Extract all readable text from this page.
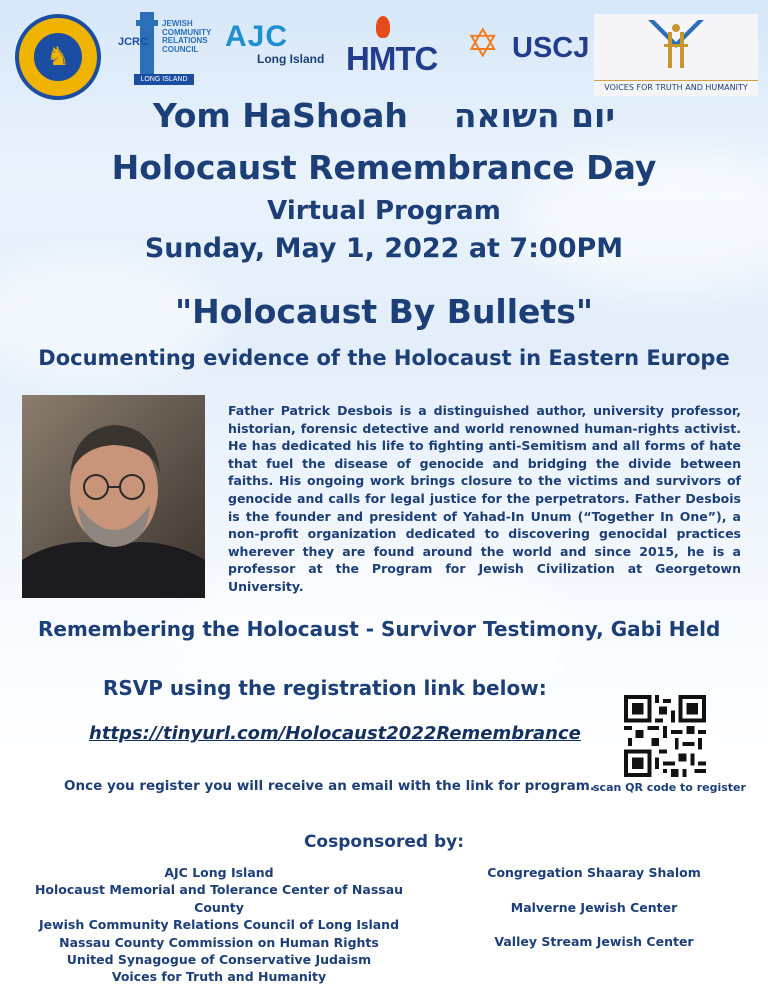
♞	JCRC
JEWISH
COMMUNITY
RELATIONS
COUNCIL
LONG ISLAND
AJC
Long Island HMTC ✡ USCJ
VOICES FOR TRUTH AND HUMANITY
Yom HaShoah יום השואה
Holocaust Remembrance Day
Virtual Program
Sunday, May 1, 2022 at 7:00PM
"Holocaust By Bullets"
Documenting evidence of the Holocaust in Eastern Europe
Father Patrick Desbois is a distinguished author, university professor, historian, forensic detective and world renowned human-rights activist. He has dedicated his life to fighting anti-Semitism and all forms of hate that fuel the disease of genocide and bridging the divide between faiths. His ongoing work brings closure to the victims and survivors of genocide and calls for legal justice for the perpetrators. Father Desbois is the founder and president of Yahad-In Unum (“Together In One”), a non-profit organization dedicated to discovering genocidal practices wherever they are found around the world and since 2015, he is a professor at the Program for Jewish Civilization at Georgetown University.
Remembering the Holocaust - Survivor Testimony, Gabi Held
RSVP using the registration link below:
https://tinyurl.com/Holocaust2022Remembrance
Once you register you will receive an email with the link for program.
scan QR code to register
Cosponsored by:
AJC Long Island
Holocaust Memorial and Tolerance Center of Nassau County
Jewish Community Relations Council of Long Island
Nassau County Commission on Human Rights
United Synagogue of Conservative Judaism
Voices for Truth and Humanity
Congregation Shaaray Shalom
Malverne Jewish Center
Valley Stream Jewish Center
